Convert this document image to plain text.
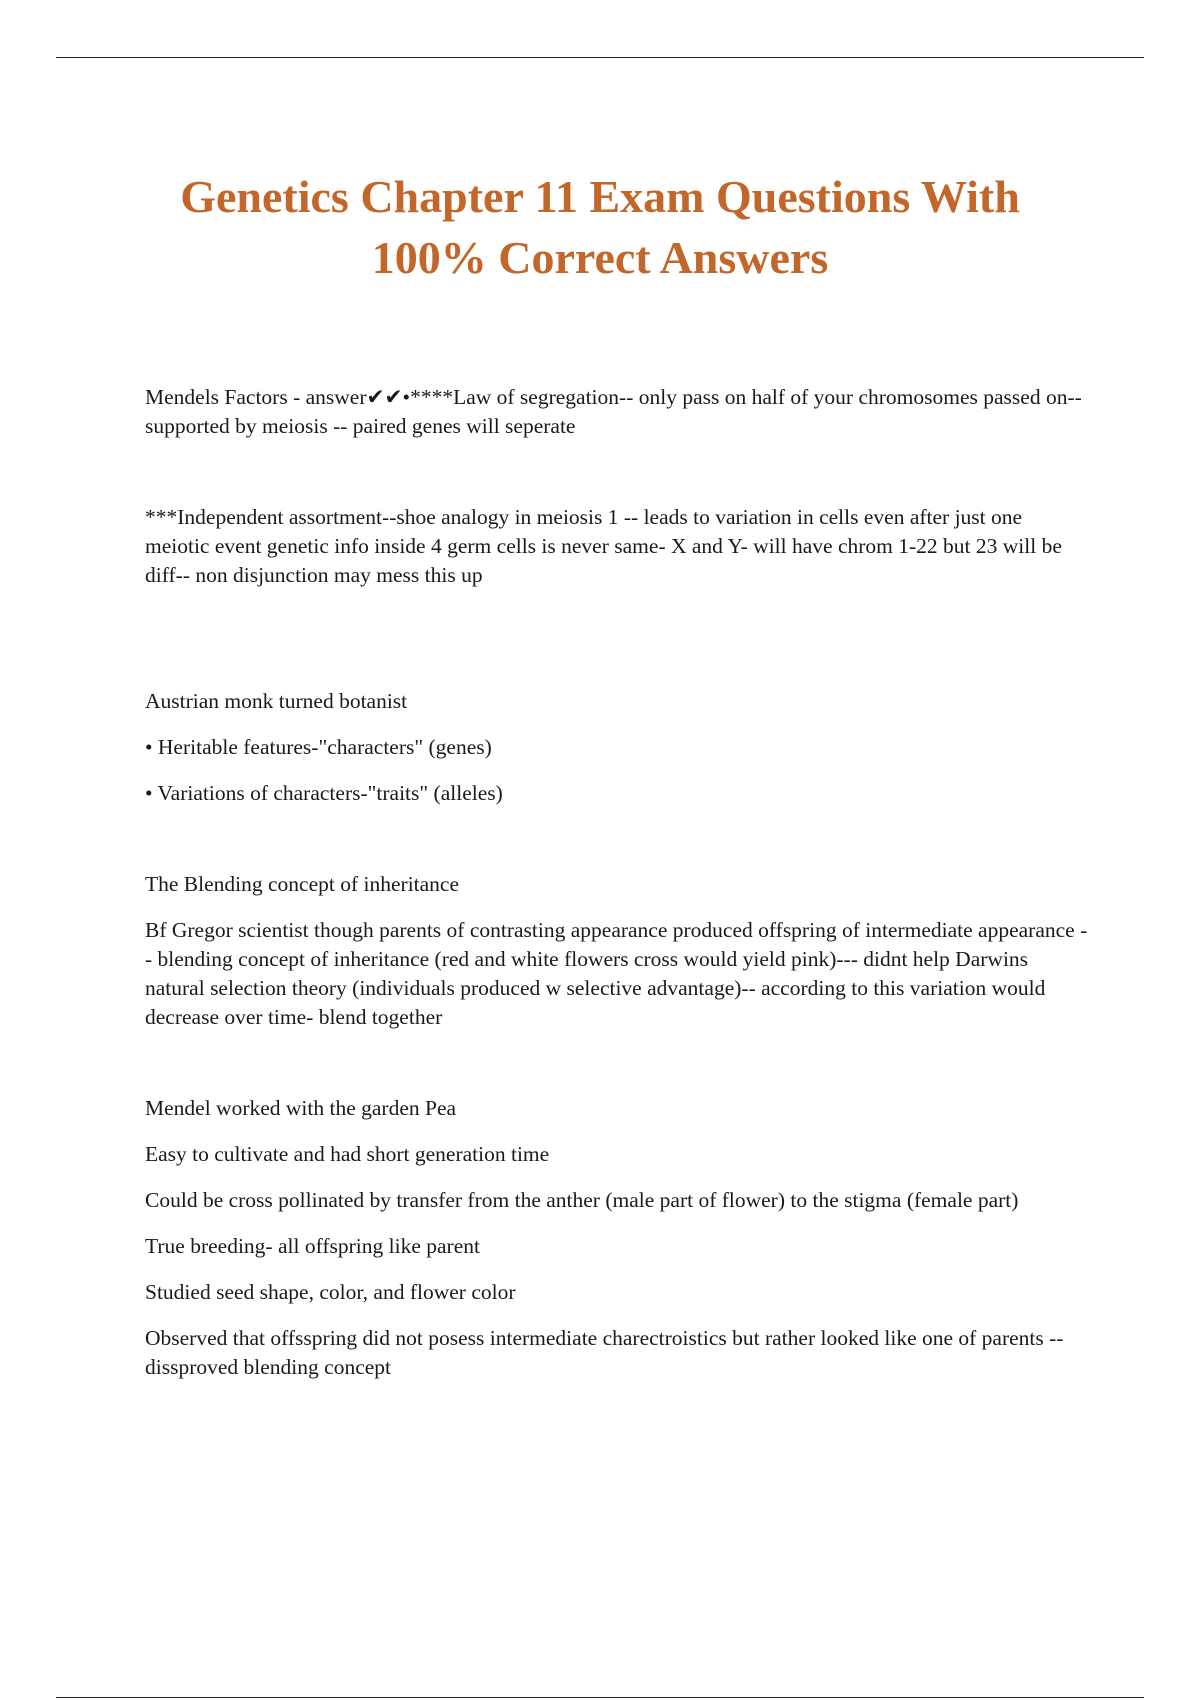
Genetics Chapter 11 Exam Questions With
100% Correct Answers

Mendels Factors - answer✔✔•****Law of segregation-- only pass on half of your chromosomes passed on-- supported by meiosis -- paired genes will seperate

***Independent assortment--shoe analogy in meiosis 1 -- leads to variation in cells even after just one meiotic event genetic info inside 4 germ cells is never same- X and Y- will have chrom 1-22 but 23 will be diff-- non disjunction may mess this up

Austrian monk turned botanist

• Heritable features-"characters" (genes)

• Variations of characters-"traits" (alleles)

The Blending concept of inheritance

Bf Gregor scientist though parents of contrasting appearance produced offspring of intermediate appearance -- blending concept of inheritance (red and white flowers cross would yield pink)--- didnt help Darwins natural selection theory (individuals produced w selective advantage)-- according to this variation would decrease over time- blend together

Mendel worked with the garden Pea

Easy to cultivate and had short generation time

Could be cross pollinated by transfer from the anther (male part of flower) to the stigma (female part)

True breeding- all offspring like parent

Studied seed shape, color, and flower color

Observed that offsspring did not posess intermediate charectroistics but rather looked like one of parents --dissproved blending concept
